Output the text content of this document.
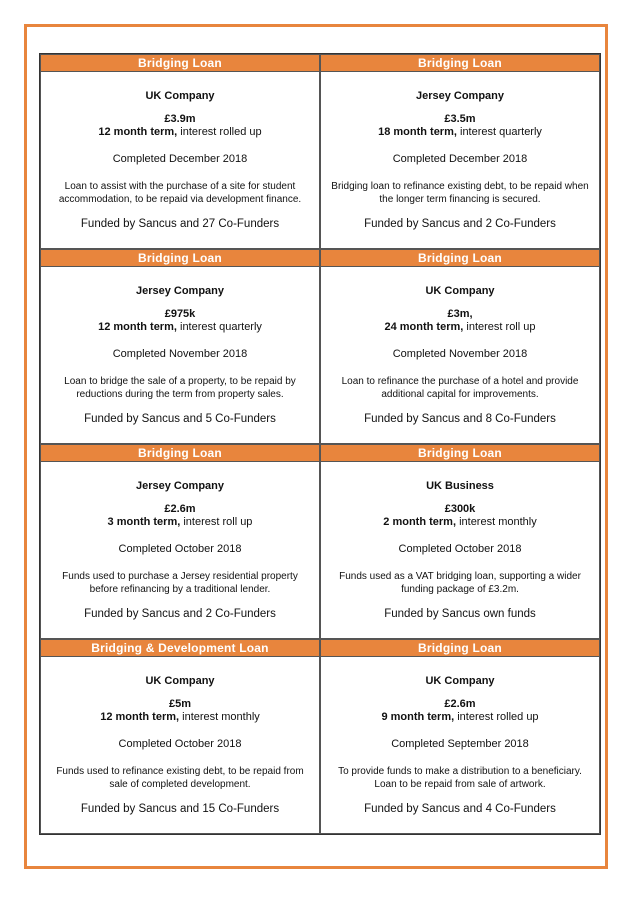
Bridging Loan
UK Company
£3.9m
12 month term, interest rolled up
Completed December 2018
Loan to assist with the purchase of a site for student accommodation, to be repaid via development finance.
Funded by Sancus and 27 Co-Funders
Bridging Loan
Jersey Company
£3.5m
18 month term, interest quarterly
Completed December 2018
Bridging loan to refinance existing debt, to be repaid when the longer term financing is secured.
Funded by Sancus and 2 Co-Funders
Bridging Loan
Jersey Company
£975k
12 month term, interest quarterly
Completed November 2018
Loan to bridge the sale of a property, to be repaid by reductions during the term from property sales.
Funded by Sancus and 5 Co-Funders
Bridging Loan
UK Company
£3m,
24 month term, interest roll up
Completed November 2018
Loan to refinance the purchase of a hotel and provide additional capital for improvements.
Funded by Sancus and 8 Co-Funders
Bridging Loan
Jersey Company
£2.6m
3 month term, interest roll up
Completed October 2018
Funds used to purchase a Jersey residential property before refinancing by a traditional lender.
Funded by Sancus and 2 Co-Funders
Bridging Loan
UK Business
£300k
2 month term, interest monthly
Completed October 2018
Funds used as a VAT bridging loan, supporting a wider funding package of £3.2m.
Funded by Sancus own funds
Bridging & Development Loan
UK Company
£5m
12 month term, interest monthly
Completed October 2018
Funds used to refinance existing debt, to be repaid from sale of completed development.
Funded by Sancus and 15 Co-Funders
Bridging Loan
UK Company
£2.6m
9 month term, interest rolled up
Completed September 2018
To provide funds to make a distribution to a beneficiary. Loan to be repaid from sale of artwork.
Funded by Sancus and 4 Co-Funders
